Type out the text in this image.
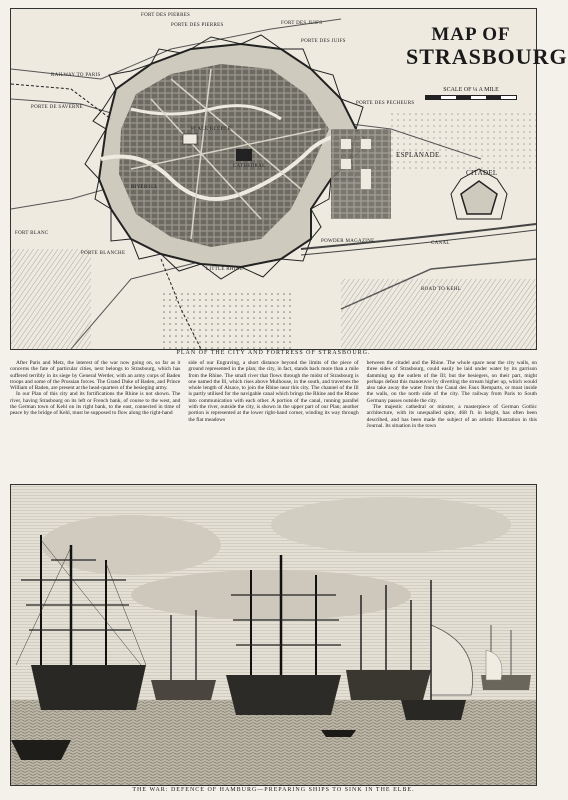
MAP OF
STRASBOURG
SCALE OF ¼ A MILE
FORT DES PIERRES
PORTE DES PIERRES
RAILWAY TO PARIS
PORTE DE SAVERNE
FORT DES JUIFS
PORTE DES JUIFS
PORTE DES PECHEURS
ESPLANADE
CITADEL
FORT BLANC
POWDER MAGAZINE	CANAL
LITTLE RHINE
ROAD TO KEHL
PORTE BLANCHE
PLACE KLEBER
CATHEDRAL
RIVER ILL
PLAN OF THE CITY AND FORTRESS OF STRASBOURG.

After Paris and Metz, the interest of the war now going on, so far as it concerns the fate of particular cities, next belongs to Strasbourg, which has suffered terribly in its siege by General Werder, with an army corps of Baden troops and some of the Prussian forces. The Grand Duke of Baden, and Prince William of Baden, are present at the head-quarters of the besieging army.

In our Plan of this city and its fortifications the Rhine is not shown. The river, having Strasbourg on its left or French bank, of course to the west, and the German town of Kehl on its right bank, to the east, connected in time of peace by the bridge of Kehl, must be supposed to flow along the right-hand

side of our Engraving, a short distance beyond the limits of the piece of ground represented in the plan; the city, in fact, stands back more than a mile from the Rhine. The small river that flows through the midst of Strasbourg is one named the Ill, which rises above Mulhouse, in the south, and traverses the whole length of Alsace, to join the Rhine near this city. The channel of the Ill is partly utilised for the navigable canal which brings the Rhine and the Rhone into communication with each other. A portion of the canal, running parallel with the river, outside the city, is shown in the upper part of our Plan; another portion is represented at the lower right-hand corner, winding its way through the flat meadows

between the citadel and the Rhine. The whole space near the city walls, on three sides of Strasbourg, could easily be laid under water by its garrison damming up the outlets of the Ill; but the besiegers, on their part, might perhaps defeat this manœuvre by diverting the stream higher up, which would also take away the water from the Canal des Faux Remparts, or moat inside the walls, on the north side of the city. The railway from Paris to South Germany passes outside the city.

The majestic cathedral or minster, a masterpiece of German Gothic architecture, with its unequalled spire, 468 ft. in height, has often been described, and has been made the subject of an artistic Illustration in this Journal. Its situation in the town

THE WAR: DEFENCE OF HAMBURG—PREPARING SHIPS TO SINK IN THE ELBE.
